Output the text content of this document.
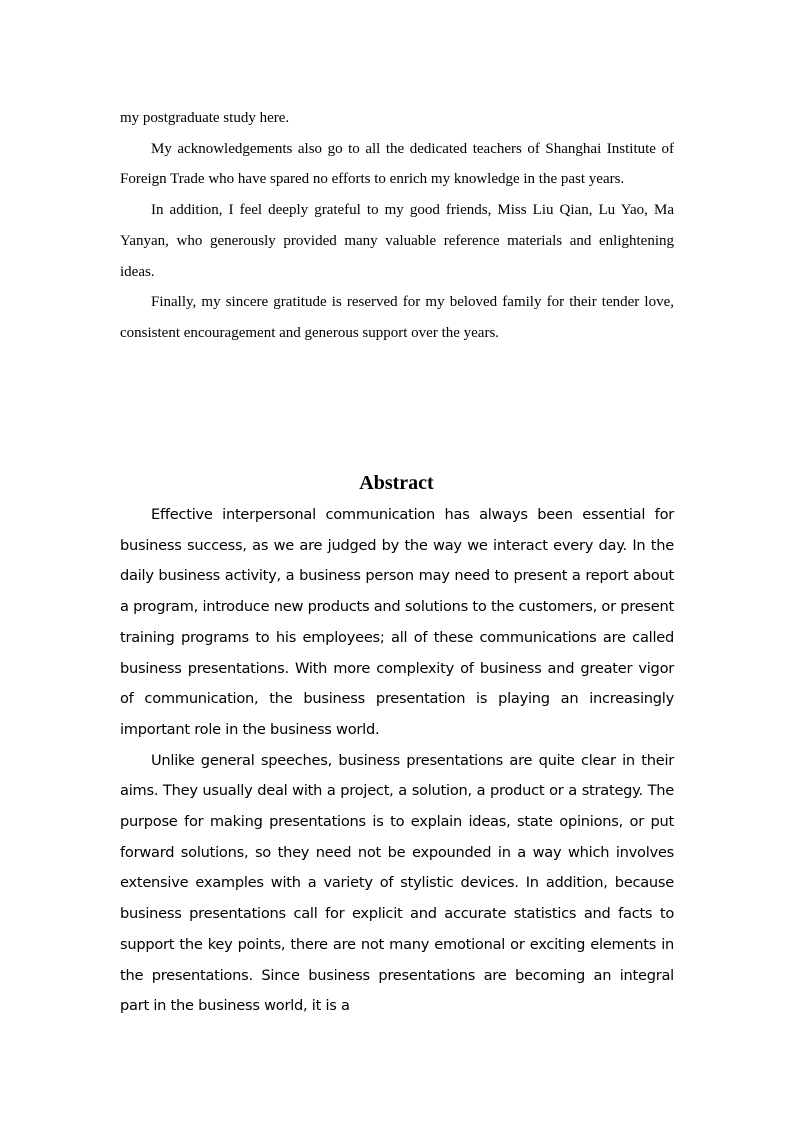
my postgraduate study here.

My acknowledgements also go to all the dedicated teachers of Shanghai Institute of Foreign Trade who have spared no efforts to enrich my knowledge in the past years.

In addition, I feel deeply grateful to my good friends, Miss Liu Qian, Lu Yao, Ma Yanyan, who generously provided many valuable reference materials and enlightening ideas.

Finally, my sincere gratitude is reserved for my beloved family for their tender love, consistent encouragement and generous support over the years.

Abstract

Effective interpersonal communication has always been essential for business success, as we are judged by the way we interact every day. In the daily business activity, a business person may need to present a report about a program, introduce new products and solutions to the customers, or present training programs to his employees; all of these communications are called business presentations. With more complexity of business and greater vigor of communication, the business presentation is playing an increasingly important role in the business world.

Unlike general speeches, business presentations are quite clear in their aims. They usually deal with a project, a solution, a product or a strategy. The purpose for making presentations is to explain ideas, state opinions, or put forward solutions, so they need not be expounded in a way which involves extensive examples with a variety of stylistic devices. In addition, because business presentations call for explicit and accurate statistics and facts to support the key points, there are not many emotional or exciting elements in the presentations. Since business presentations are becoming an integral part in the business world, it is a
